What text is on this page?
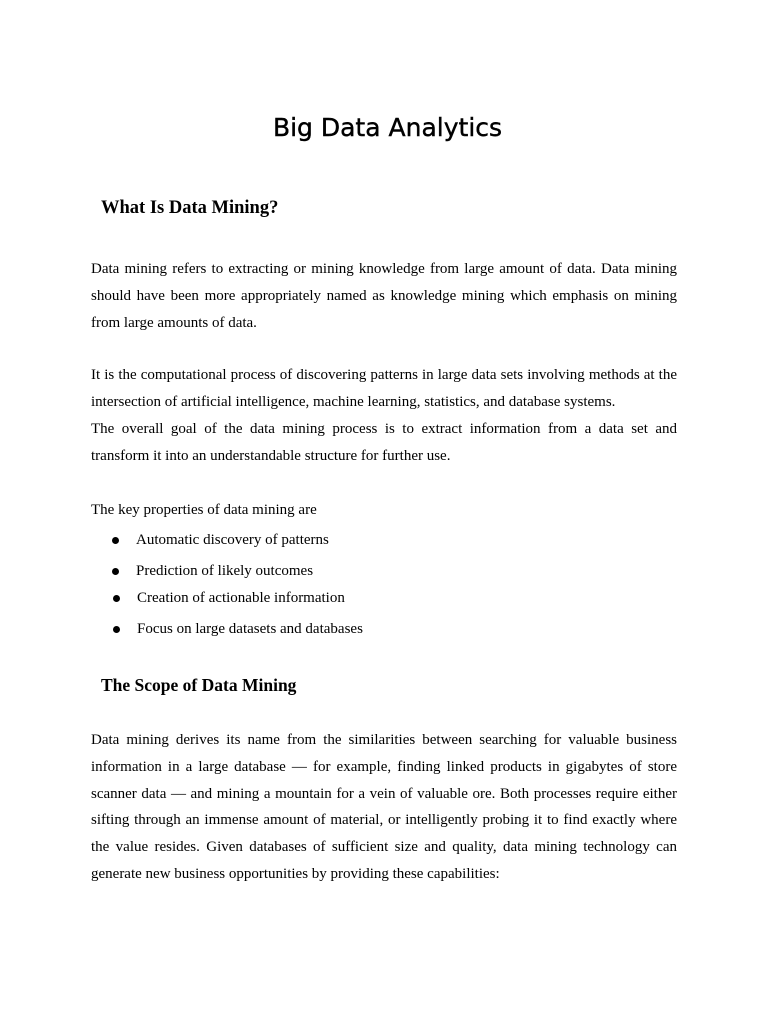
Big Data Analytics
What Is Data Mining?

Data mining refers to extracting or mining knowledge from large amount of data. Data mining should have been more appropriately named as knowledge mining which emphasis on mining from large amounts of data.

It is the computational process of discovering patterns in large data sets involving methods at the intersection of artificial intelligence, machine learning, statistics, and database systems.

The overall goal of the data mining process is to extract information from a data set and transform it into an understandable structure for further use.

The key properties of data mining are

Automatic discovery of patterns
Prediction of likely outcomes
Creation of actionable information
Focus on large datasets and databases
The Scope of Data Mining

Data mining derives its name from the similarities between searching for valuable business information in a large database — for example, finding linked products in gigabytes of store scanner data — and mining a mountain for a vein of valuable ore. Both processes require either sifting through an immense amount of material, or intelligently probing it to find exactly where the value resides. Given databases of sufficient size and quality, data mining technology can generate new business opportunities by providing these capabilities:
